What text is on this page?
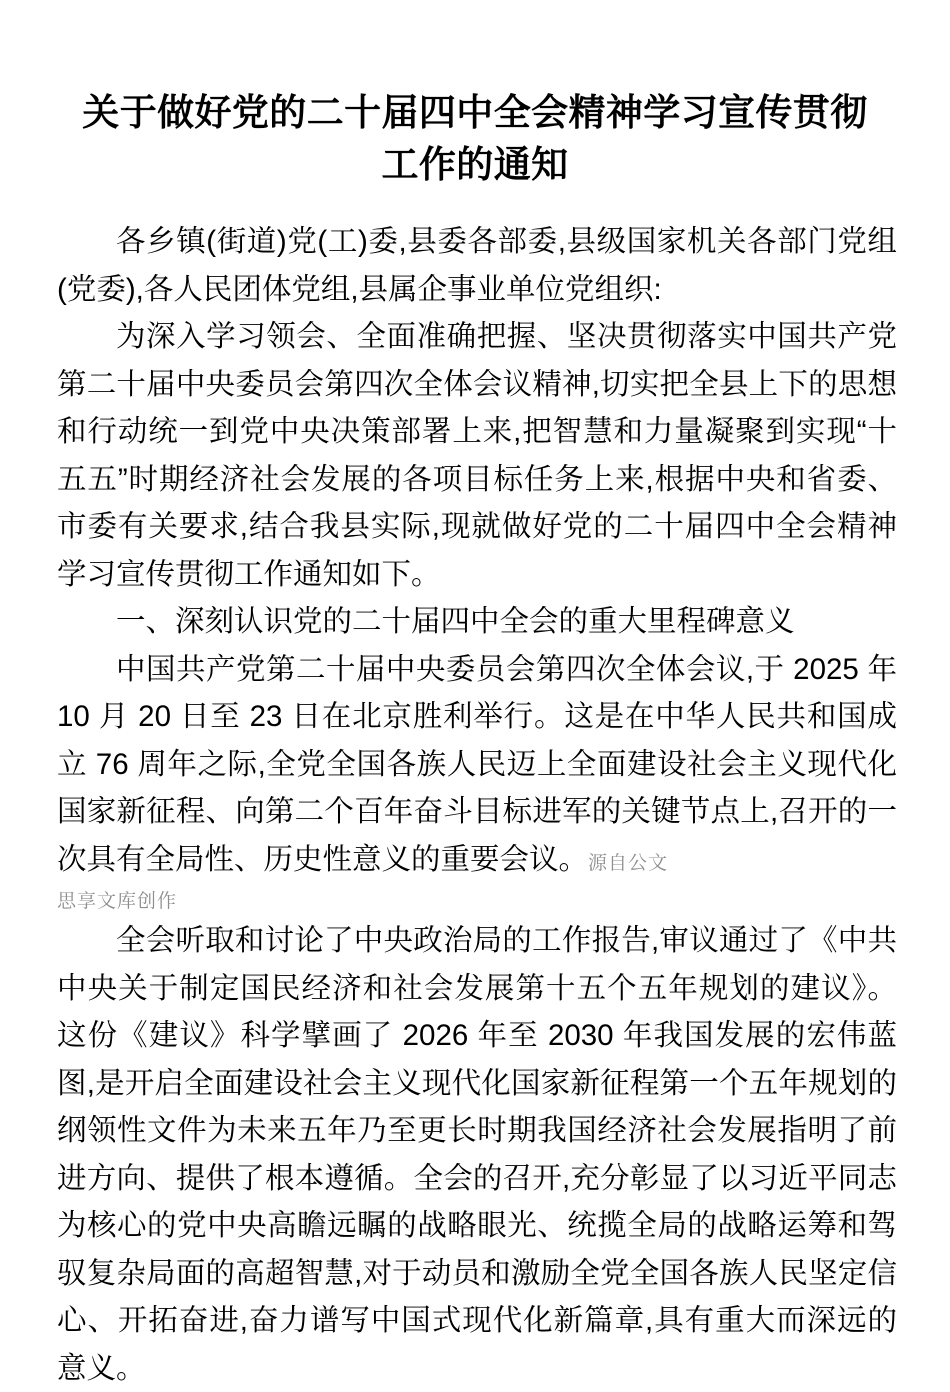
关于做好党的二十届四中全会精神学习宣传贯彻工作的通知

各乡镇(街道)党(工)委,县委各部委,县级国家机关各部门党组(党委),各人民团体党组,县属企事业单位党组织:

为深入学习领会、全面准确把握、坚决贯彻落实中国共产党第二十届中央委员会第四次全体会议精神,切实把全县上下的思想和行动统一到党中央决策部署上来,把智慧和力量凝聚到实现“十五五”时期经济社会发展的各项目标任务上来,根据中央和省委、市委有关要求,结合我县实际,现就做好党的二十届四中全会精神学习宣传贯彻工作通知如下。

一、深刻认识党的二十届四中全会的重大里程碑意义

中国共产党第二十届中央委员会第四次全体会议,于 2025 年 10 月 20 日至 23 日在北京胜利举行。这是在中华人民共和国成立 76 周年之际,全党全国各族人民迈上全面建设社会主义现代化国家新征程、向第二个百年奋斗目标进军的关键节点上,召开的一次具有全局性、历史性意义的重要会议。源自公文

思享文库创作

全会听取和讨论了中央政治局的工作报告,审议通过了《中共中央关于制定国民经济和社会发展第十五个五年规划的建议》。这份《建议》科学擘画了 2026 年至 2030 年我国发展的宏伟蓝图,是开启全面建设社会主义现代化国家新征程第一个五年规划的纲领性文件为未来五年乃至更长时期我国经济社会发展指明了前进方向、提供了根本遵循。全会的召开,充分彰显了以习近平同志为核心的党中央高瞻远瞩的战略眼光、统揽全局的战略运筹和驾驭复杂局面的高超智慧,对于动员和激励全党全国各族人民坚定信心、开拓奋进,奋力谱写中国式现代化新篇章,具有重大而深远的意义。
